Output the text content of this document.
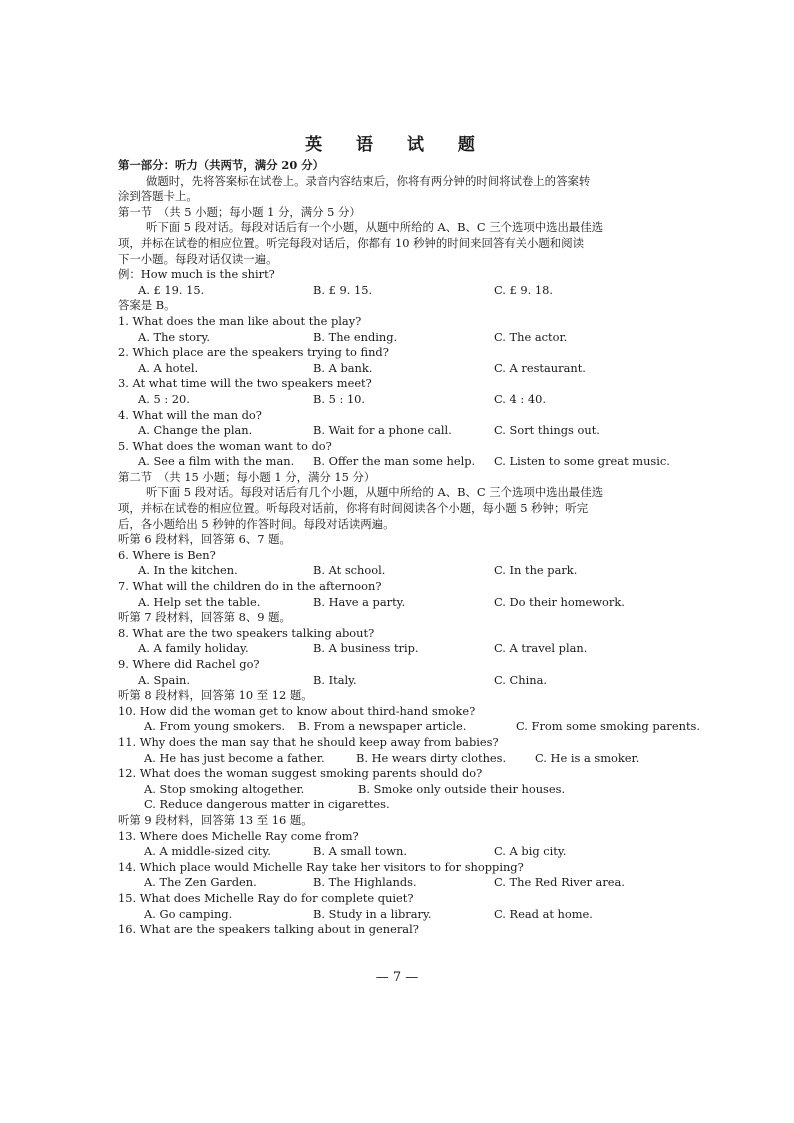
英 语 试 题
第一部分：听力（共两节，满分 20 分）
做题时，先将答案标在试卷上。录音内容结束后，你将有两分钟的时间将试卷上的答案转
涂到答题卡上。
第一节　（共 5 小题；每小题 1 分，满分 5 分）
听下面 5 段对话。每段对话后有一个小题，从题中所给的 A、B、C 三个选项中选出最佳选
项，并标在试卷的相应位置。听完每段对话后，你都有 10 秒钟的时间来回答有关小题和阅读
下一小题。每段对话仅读一遍。
例：How much is the shirt?
A. £ 19. 15.	B. £ 9. 15.	C. £ 9. 18.
答案是 B。
1. What does the man like about the play?
A. The story.	B. The ending.	C. The actor.
2. Which place are the speakers trying to find?
A. A hotel.	B. A bank.	C. A restaurant.
3. At what time will the two speakers meet?
A. 5 : 20.	B. 5 : 10.	C. 4 : 40.
4. What will the man do?
A. Change the plan.	B. Wait for a phone call.	C. Sort things out.
5. What does the woman want to do?
A. See a film with the man. B. Offer the man some help. C. Listen to some great music.
第二节　（共 15 小题；每小题 1 分，满分 15 分）
听下面 5 段对话。每段对话后有几个小题，从题中所给的 A、B、C 三个选项中选出最佳选
项，并标在试卷的相应位置。听每段对话前，你将有时间阅读各个小题，每小题 5 秒钟；听完
后，各小题给出 5 秒钟的作答时间。每段对话读两遍。
听第 6 段材料，回答第 6、7 题。
6. Where is Ben?
A. In the kitchen.	B. At school.	C. In the park.
7. What will the children do in the afternoon?
A. Help set the table.	B. Have a party.	C. Do their homework.
听第 7 段材料，回答第 8、9 题。
8. What are the two speakers talking about?
A. A family holiday.	B. A business trip.	C. A travel plan.
9. Where did Rachel go?
A. Spain.	B. Italy.	C. China.
听第 8 段材料，回答第 10 至 12 题。
10. How did the woman get to know about third-hand smoke?
A. From young smokers. B. From a newspaper article.	C. From some smoking parents.
11. Why does the man say that he should keep away from babies?
A. He has just become a father.	B. He wears dirty clothes.	C. He is a smoker.
12. What does the woman suggest smoking parents should do?
A. Stop smoking altogether.	B. Smoke only outside their houses.
C. Reduce dangerous matter in cigarettes.
听第 9 段材料，回答第 13 至 16 题。
13. Where does Michelle Ray come from?
A. A middle-sized city.	B. A small town.	C. A big city.
14. Which place would Michelle Ray take her visitors to for shopping?
A. The Zen Garden.	B. The Highlands.	C. The Red River area.
15. What does Michelle Ray do for complete quiet?
A. Go camping.	B. Study in a library.	C. Read at home.
16. What are the speakers talking about in general?
— 7 —
